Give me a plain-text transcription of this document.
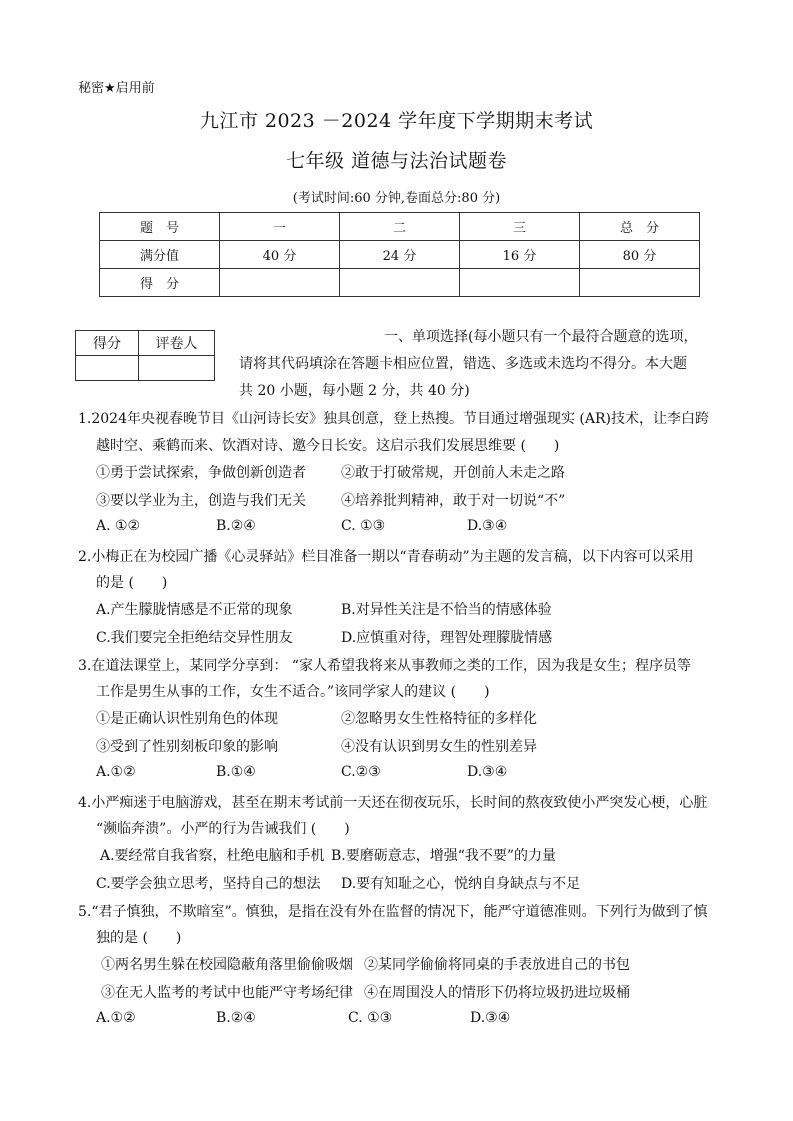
秘密★启用前
九江市 2023 －2024 学年度下学期期末考试
七年级 道德与法治试题卷
(考试时间:60 分钟,卷面总分:80 分)
题　号	一	二	三	总　分
满分值	40 分	24 分	16 分	80 分
得　分				
得分	评卷人
		一、单项选择(每小题只有一个最符合题意的选项，
请将其代码填涂在答题卡相应位置，错选、多选或未选均不得分。本大题
共 20 小题，每小题 2 分，共 40 分)
1.2024年央视春晚节目《山河诗长安》独具创意，登上热搜。节目通过增强现实 (AR)技术，让李白跨
越时空、乘鹤而来、饮酒对诗、邀今日长安。这启示我们发展思维要 (　　)
①勇于尝试探索，争做创新创造者	②敢于打破常规，开创前人未走之路
③要以学业为主，创造与我们无关	④培养批判精神，敢于对一切说“不”
A. ①②	B.②④	C. ①③	D.③④
2.小梅正在为校园广播《心灵驿站》栏目准备一期以“青春萌动”为主题的发言稿，以下内容可以采用
的是 (　　)
A.产生朦胧情感是不正常的现象	B.对异性关注是不恰当的情感体验
C.我们要完全拒绝结交异性朋友	D.应慎重对待，理智处理朦胧情感
3.在道法课堂上，某同学分享到： “家人希望我将来从事教师之类的工作，因为我是女生；程序员等
工作是男生从事的工作，女生不适合。”该同学家人的建议 (　　)
①是正确认识性别角色的体现	②忽略男女生性格特征的多样化
③受到了性别刻板印象的影响	④没有认识到男女生的性别差异
A.①②	B.①④	C.②③	D.③④
4.小严痴迷于电脑游戏，甚至在期末考试前一天还在彻夜玩乐，长时间的熬夜致使小严突发心梗，心脏
“濒临奔溃”。小严的行为告诫我们 (　　)
A.要经常自我省察，杜绝电脑和手机 B.要磨砺意志，增强“我不要”的力量
C.要学会独立思考，坚持自己的想法 D.要有知耻之心，悦纳自身缺点与不足
5.“君子慎独，不欺暗室”。慎独，是指在没有外在监督的情况下，能严守道德准则。下列行为做到了慎
独的是 (　　)
①两名男生躲在校园隐蔽角落里偷偷吸烟 ②某同学偷偷将同桌的手表放进自己的书包
③在无人监考的考试中也能严守考场纪律 ④在周围没人的情形下仍将垃圾扔进垃圾桶
A.①②	B.②④	C. ①③	D.③④
